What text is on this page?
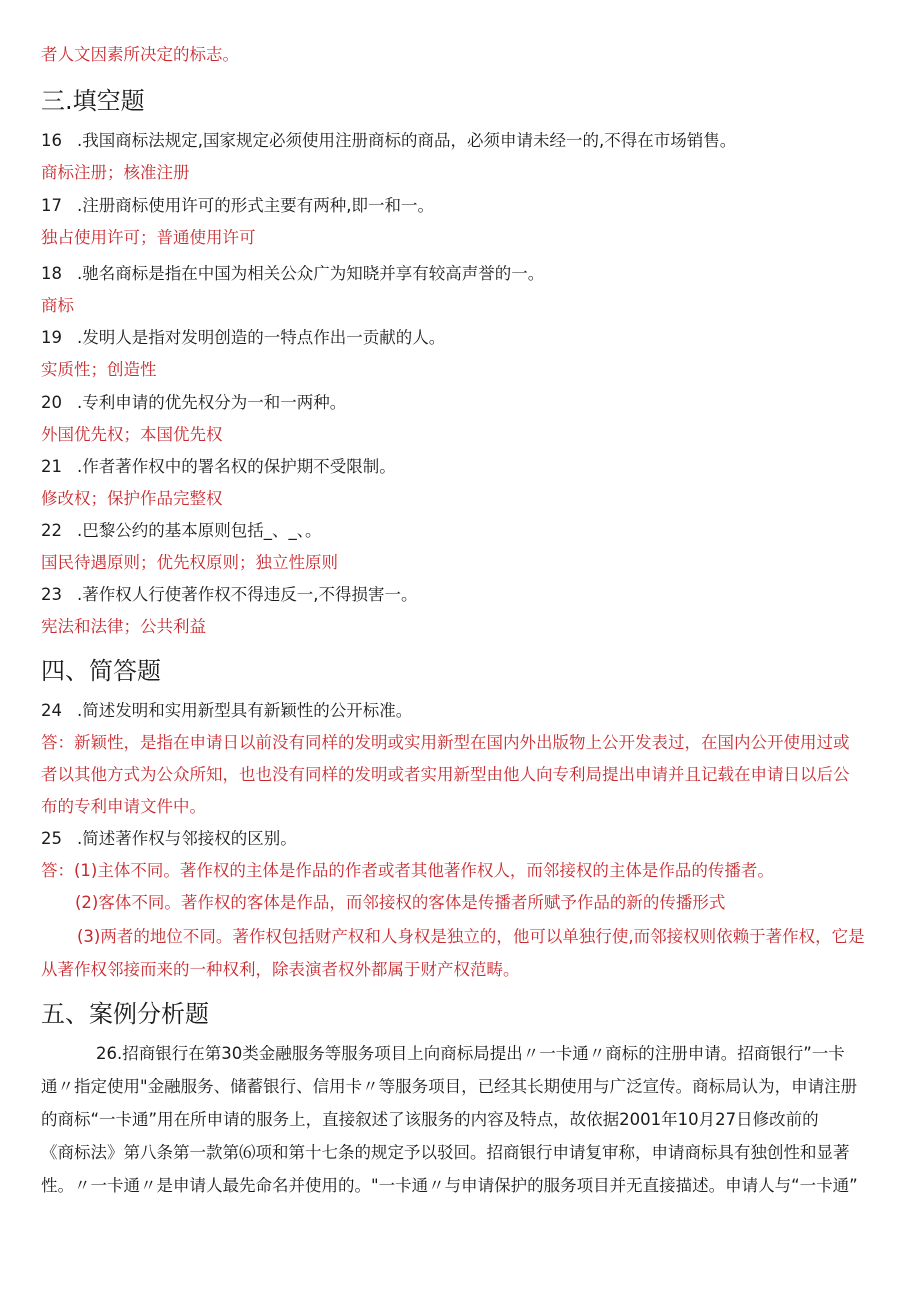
者人文因素所决定的标志。
三.填空题
16 .我国商标法规定,国家规定必须使用注册商标的商品，必须申请未经一的,不得在市场销售。
商标注册；核准注册
17 .注册商标使用许可的形式主要有两种,即一和一。
独占使用许可；普通使用许可
18 .驰名商标是指在中国为相关公众广为知晓并享有较高声誉的一。
商标
19 .发明人是指对发明创造的一特点作出一贡献的人。
实质性；创造性
20 .专利申请的优先权分为一和一两种。
外国优先权；本国优先权
21 .作者著作权中的署名权的保护期不受限制。
修改权；保护作品完整权
22 .巴黎公约的基本原则包括_、_、。
国民待遇原则；优先权原则；独立性原则
23 .著作权人行使著作权不得违反一,不得损害一。
宪法和法律；公共利益
四、简答题
24 .简述发明和实用新型具有新颖性的公开标准。
答：新颖性，是指在申请日以前没有同样的发明或实用新型在国内外出版物上公开发表过，在国内公开使用过或
者以其他方式为公众所知，也也没有同样的发明或者实用新型由他人向专利局提出申请并且记载在申请日以后公
布的专利申请文件中。
25 .简述著作权与邻接权的区别。
答：(1)主体不同。著作权的主体是作品的作者或者其他著作权人，而邻接权的主体是作品的传播者。
(2)客体不同。著作权的客体是作品，而邻接权的客体是传播者所赋予作品的新的传播形式
(3)两者的地位不同。著作权包括财产权和人身权是独立的，他可以单独行使,而邻接权则依赖于著作权，它是
从著作权邻接而来的一种权利，除表演者权外都属于财产权范畴。
五、案例分析题

26.招商银行在第30类金融服务等服务项目上向商标局提出〃一卡通〃商标的注册申请。招商银行”一卡

通〃指定使用"金融服务、储蓄银行、信用卡〃等服务项目，已经其长期使用与广泛宣传。商标局认为，申请注册

的商标“一卡通”用在所申请的服务上，直接叙述了该服务的内容及特点，故依据2001年10月27日修改前的

《商标法》第八条第一款第⑹项和第十七条的规定予以驳回。招商银行申请复审称，申请商标具有独创性和显著

性。〃一卡通〃是申请人最先命名并使用的。"一卡通〃与申请保护的服务项目并无直接描述。申请人与“一卡通”
